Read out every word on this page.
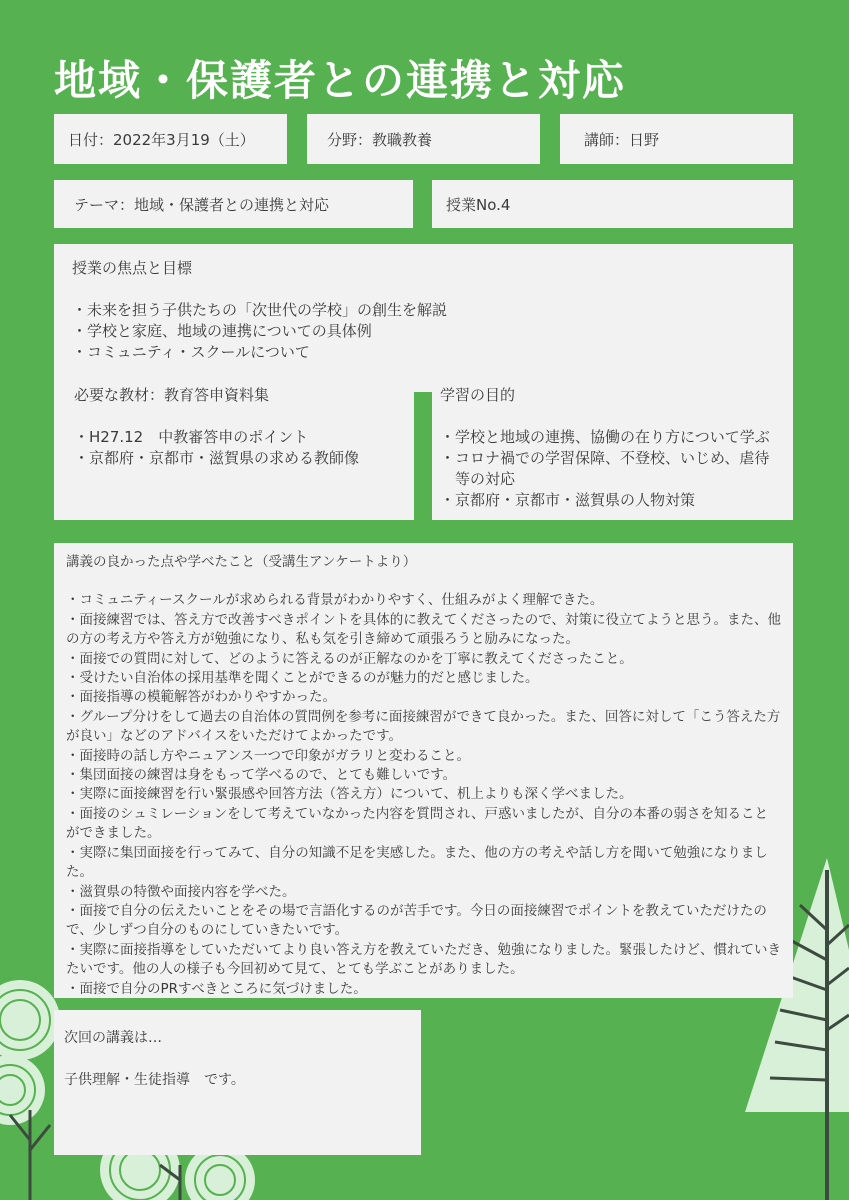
地域・保護者との連携と対応
日付：2022年3月19（土）	分野：教職教養	講師：日野
テーマ：地域・保護者との連携と対応	授業No.4
授業の焦点と目標
・未来を担う子供たちの「次世代の学校」の創生を解説
・学校と家庭、地域の連携についての具体例
・コミュニティ・スクールについて
必要な教材：教育答申資料集
・H27.12　中教審答申のポイント
・京都府・京都市・滋賀県の求める教師像
学習の目的
・学校と地域の連携、協働の在り方について学ぶ
・コロナ禍での学習保障、不登校、いじめ、虐待
　等の対応
・京都府・京都市・滋賀県の人物対策

講義の良かった点や学べたこと（受講生アンケートより）

・コミュニティースクールが求められる背景がわかりやすく、仕組みがよく理解できた。
・面接練習では、答え方で改善すべきポイントを具体的に教えてくださったので、対策に役立てようと思う。また、他の方の考え方や答え方が勉強になり、私も気を引き締めて頑張ろうと励みになった。
・面接での質問に対して、どのように答えるのが正解なのかを丁寧に教えてくださったこと。
・受けたい自治体の採用基準を聞くことができるのが魅力的だと感じました。
・面接指導の模範解答がわかりやすかった。
・グループ分けをして過去の自治体の質問例を参考に面接練習ができて良かった。また、回答に対して「こう答えた方が良い」などのアドバイスをいただけてよかったです。
・面接時の話し方やニュアンス一つで印象がガラリと変わること。
・集団面接の練習は身をもって学べるので、とても難しいです。
・実際に面接練習を行い緊張感や回答方法（答え方）について、机上よりも深く学べました。
・面接のシュミレーションをして考えていなかった内容を質問され、戸惑いましたが、自分の本番の弱さを知ることができました。
・実際に集団面接を行ってみて、自分の知識不足を実感した。また、他の方の考えや話し方を聞いて勉強になりました。
・滋賀県の特徴や面接内容を学べた。
・面接で自分の伝えたいことをその場で言語化するのが苦手です。今日の面接練習でポイントを教えていただけたので、少しずつ自分のものにしていきたいです。
・実際に面接指導をしていただいてより良い答え方を教えていただき、勉強になりました。緊張したけど、慣れていきたいです。他の人の様子も今回初めて見て、とても学ぶことがありました。
・面接で自分のPRすべきところに気づけました。

次回の講義は…

子供理解・生徒指導　です。
